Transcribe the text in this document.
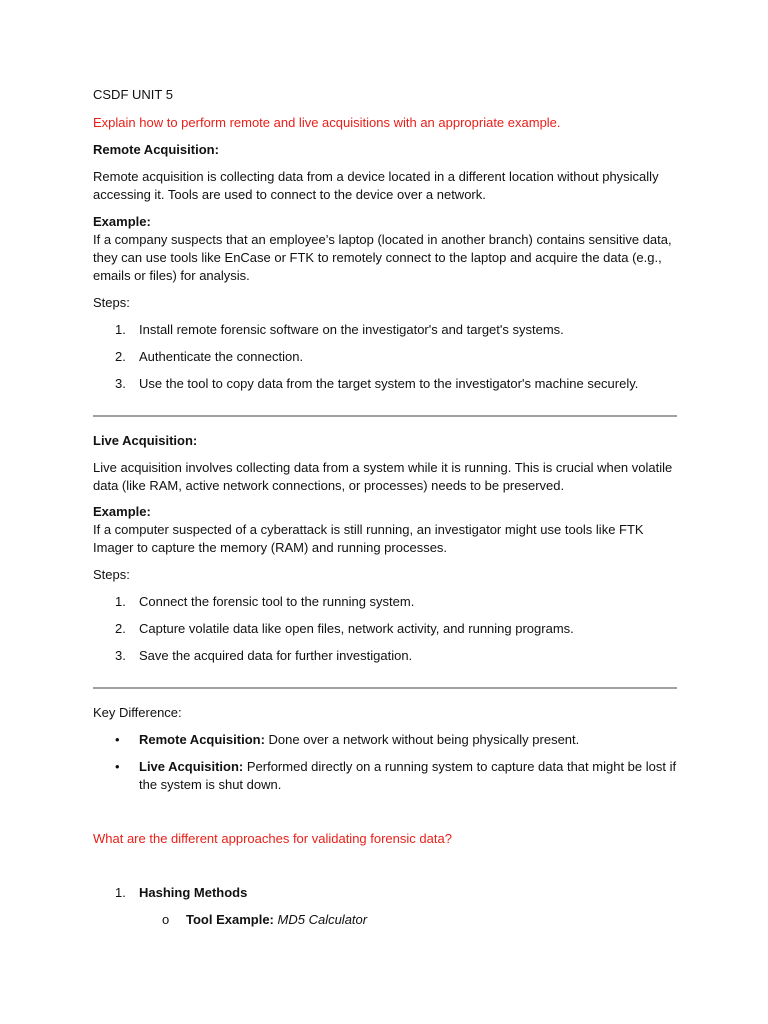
CSDF UNIT 5

Explain how to perform remote and live acquisitions with an appropriate example.

Remote Acquisition:

Remote acquisition is collecting data from a device located in a different location without physically accessing it. Tools are used to connect to the device over a network.

Example:

If a company suspects that an employee’s laptop (located in another branch) contains sensitive data, they can use tools like EnCase or FTK to remotely connect to the laptop and acquire the data (e.g., emails or files) for analysis.

Steps:

1. Install remote forensic software on the investigator's and target's systems.
2. Authenticate the connection.
3. Use the tool to copy data from the target system to the investigator's machine securely.

Live Acquisition:

Live acquisition involves collecting data from a system while it is running. This is crucial when volatile data (like RAM, active network connections, or processes) needs to be preserved.

Example:

If a computer suspected of a cyberattack is still running, an investigator might use tools like FTK Imager to capture the memory (RAM) and running processes.

Steps:

1. Connect the forensic tool to the running system.
2. Capture volatile data like open files, network activity, and running programs.
3. Save the acquired data for further investigation.

Key Difference:

• Remote Acquisition: Done over a network without being physically present.
• Live Acquisition: Performed directly on a running system to capture data that might be lost if the system is shut down.

What are the different approaches for validating forensic data?

1. Hashing Methods
o Tool Example: MD5 Calculator
